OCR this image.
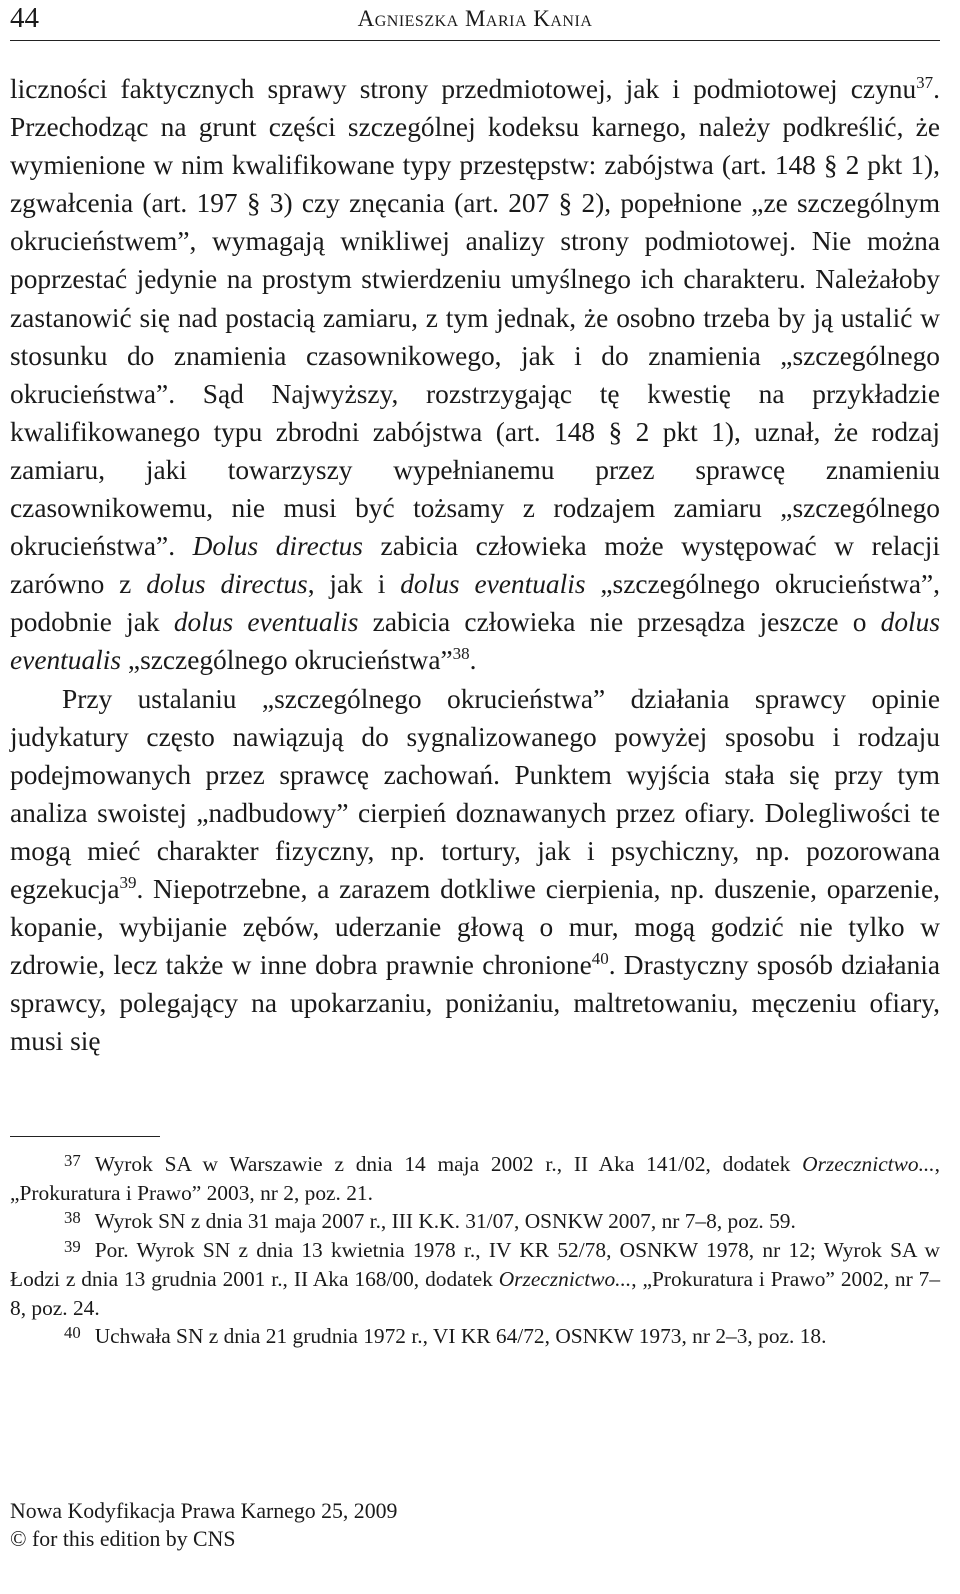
44	Agnieszka Maria Kania

liczności faktycznych sprawy strony przedmiotowej, jak i podmiotowej czynu$^{37}$. Przechodząc na grunt części szczególnej kodeksu karnego, należy podkreślić, że wymienione w nim kwalifikowane typy przestępstw: zabójstwa (art. 148 § 2 pkt 1), zgwałcenia (art. 197 § 3) czy znęcania (art. 207 § 2), popełnione „ze szczególnym okrucieństwem”, wymagają wnikliwej analizy strony podmiotowej. Nie można poprzestać jedynie na prostym stwierdzeniu umyślnego ich charakteru. Należałoby zastanowić się nad postacią zamiaru, z tym jednak, że osobno trzeba by ją ustalić w stosunku do znamienia czasownikowego, jak i do znamienia „szczególnego okrucieństwa”. Sąd Najwyższy, rozstrzygając tę kwestię na przykładzie kwalifikowanego typu zbrodni zabójstwa (art. 148 § 2 pkt 1), uznał, że rodzaj zamiaru, jaki towarzyszy wypełnianemu przez sprawcę znamieniu czasownikowemu, nie musi być tożsamy z rodzajem zamiaru „szczególnego okrucieństwa”. Dolus directus zabicia człowieka może występować w relacji zarówno z dolus directus, jak i dolus eventualis „szczególnego okrucieństwa”, podobnie jak dolus eventualis zabicia człowieka nie przesądza jeszcze o dolus eventualis „szczególnego okrucieństwa”$^{38}$.

Przy ustalaniu „szczególnego okrucieństwa” działania sprawcy opinie judykatury często nawiązują do sygnalizowanego powyżej sposobu i rodzaju podejmowanych przez sprawcę zachowań. Punktem wyjścia stała się przy tym analiza swoistej „nadbudowy” cierpień doznawanych przez ofiary. Dolegliwości te mogą mieć charakter fizyczny, np. tortury, jak i psychiczny, np. pozorowana egzekucja$^{39}$. Niepotrzebne, a zarazem dotkliwe cierpienia, np. duszenie, oparzenie, kopanie, wybijanie zębów, uderzanie głową o mur, mogą godzić nie tylko w zdrowie, lecz także w inne dobra prawnie chronione$^{40}$. Drastyczny sposób działania sprawcy, polegający na upokarzaniu, poniżaniu, maltretowaniu, męczeniu ofiary, musi się

$^{37}$ Wyrok SA w Warszawie z dnia 14 maja 2002 r., II Aka 141/02, dodatek Orzecznictwo..., „Prokuratura i Prawo” 2003, nr 2, poz. 21.

$^{38}$ Wyrok SN z dnia 31 maja 2007 r., III K.K. 31/07, OSNKW 2007, nr 7–8, poz. 59.

$^{39}$ Por. Wyrok SN z dnia 13 kwietnia 1978 r., IV KR 52/78, OSNKW 1978, nr 12; Wyrok SA w Łodzi z dnia 13 grudnia 2001 r., II Aka 168/00, dodatek Orzecznictwo..., „Prokuratura i Prawo” 2002, nr 7–8, poz. 24.

$^{40}$ Uchwała SN z dnia 21 grudnia 1972 r., VI KR 64/72, OSNKW 1973, nr 2–3, poz. 18.

Nowa Kodyfikacja Prawa Karnego 25, 2009
© for this edition by CNS
